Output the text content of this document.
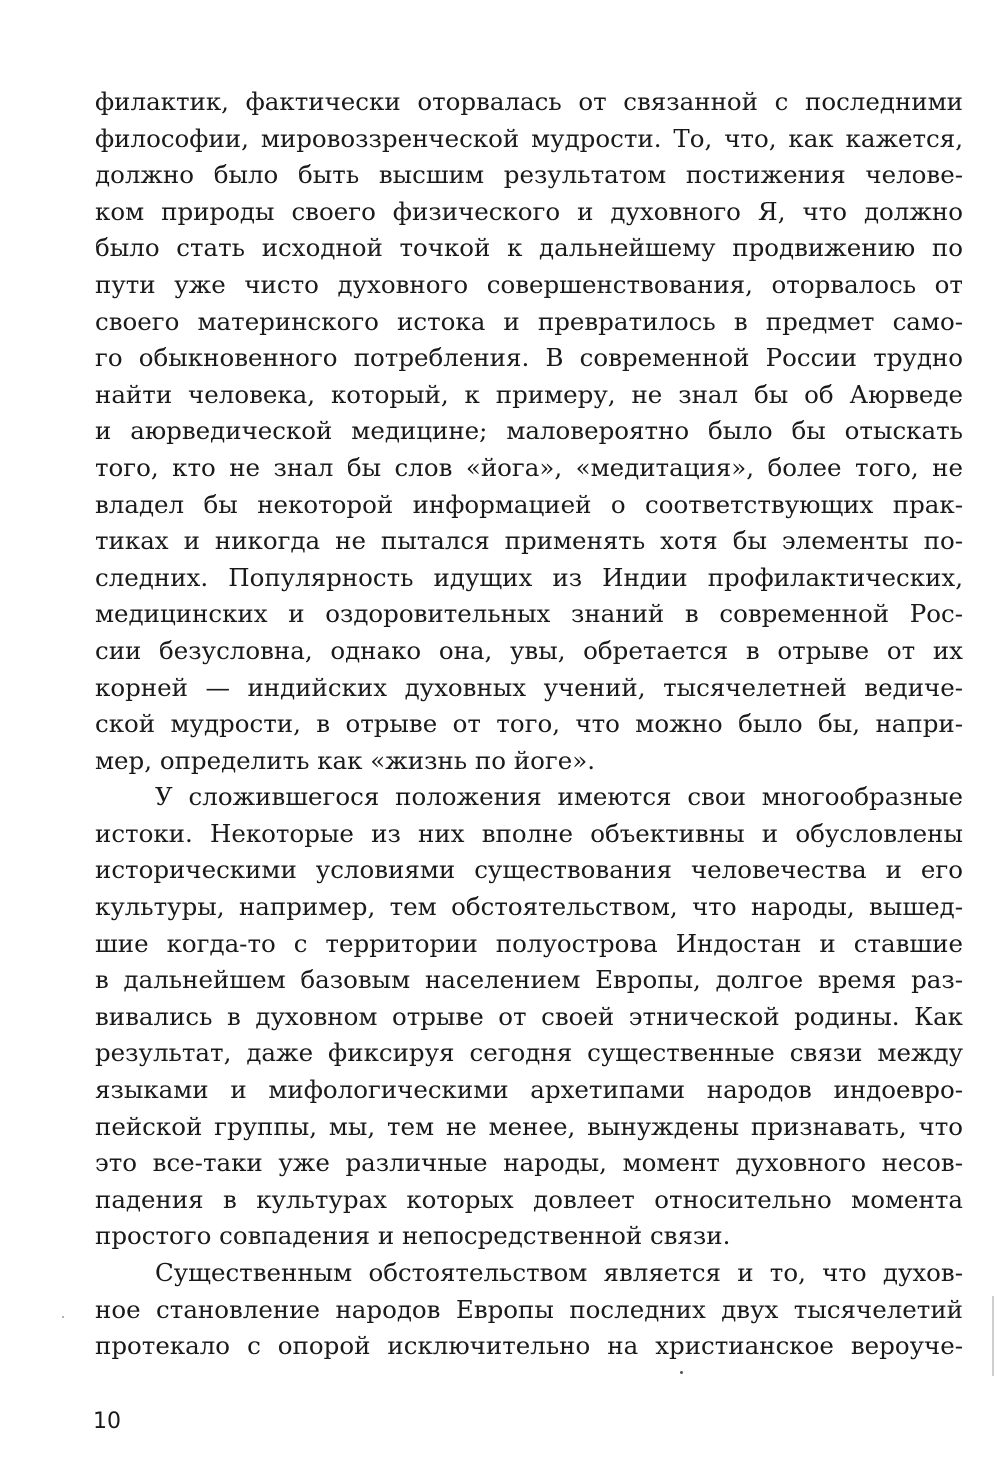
филактик, фактически оторвалась от связанной с последними
философии, мировоззренческой мудрости. То, что, как кажется,
должно было быть высшим результатом постижения челове-
ком природы своего физического и духовного Я, что должно
было стать исходной точкой к дальнейшему продвижению по
пути уже чисто духовного совершенствования, оторвалось от
своего материнского истока и превратилось в предмет само-
го обыкновенного потребления. В современной России трудно
найти человека, который, к примеру, не знал бы об Аюрведе
и аюрведической медицине; маловероятно было бы отыскать
того, кто не знал бы слов «йога», «медитация», более того, не
владел бы некоторой информацией о соответствующих прак-
тиках и никогда не пытался применять хотя бы элементы по-
следних. Популярность идущих из Индии профилактических,
медицинских и оздоровительных знаний в современной Рос-
сии безусловна, однако она, увы, обретается в отрыве от их
корней — индийских духовных учений, тысячелетней ведиче-
ской мудрости, в отрыве от того, что можно было бы, напри-
мер, определить как «жизнь по йоге».
У сложившегося положения имеются свои многообразные
истоки. Некоторые из них вполне объективны и обусловлены
историческими условиями существования человечества и его
культуры, например, тем обстоятельством, что народы, вышед-
шие когда-то с территории полуострова Индостан и ставшие
в дальнейшем базовым населением Европы, долгое время раз-
вивались в духовном отрыве от своей этнической родины. Как
результат, даже фиксируя сегодня существенные связи между
языками и мифологическими архетипами народов индоевро-
пейской группы, мы, тем не менее, вынуждены признавать, что
это все-таки уже различные народы, момент духовного несов-
падения в культурах которых довлеет относительно момента
простого совпадения и непосредственной связи.
Существенным обстоятельством является и то, что духов-
ное становление народов Европы последних двух тысячелетий
протекало с опорой исключительно на христианское вероуче-
10
